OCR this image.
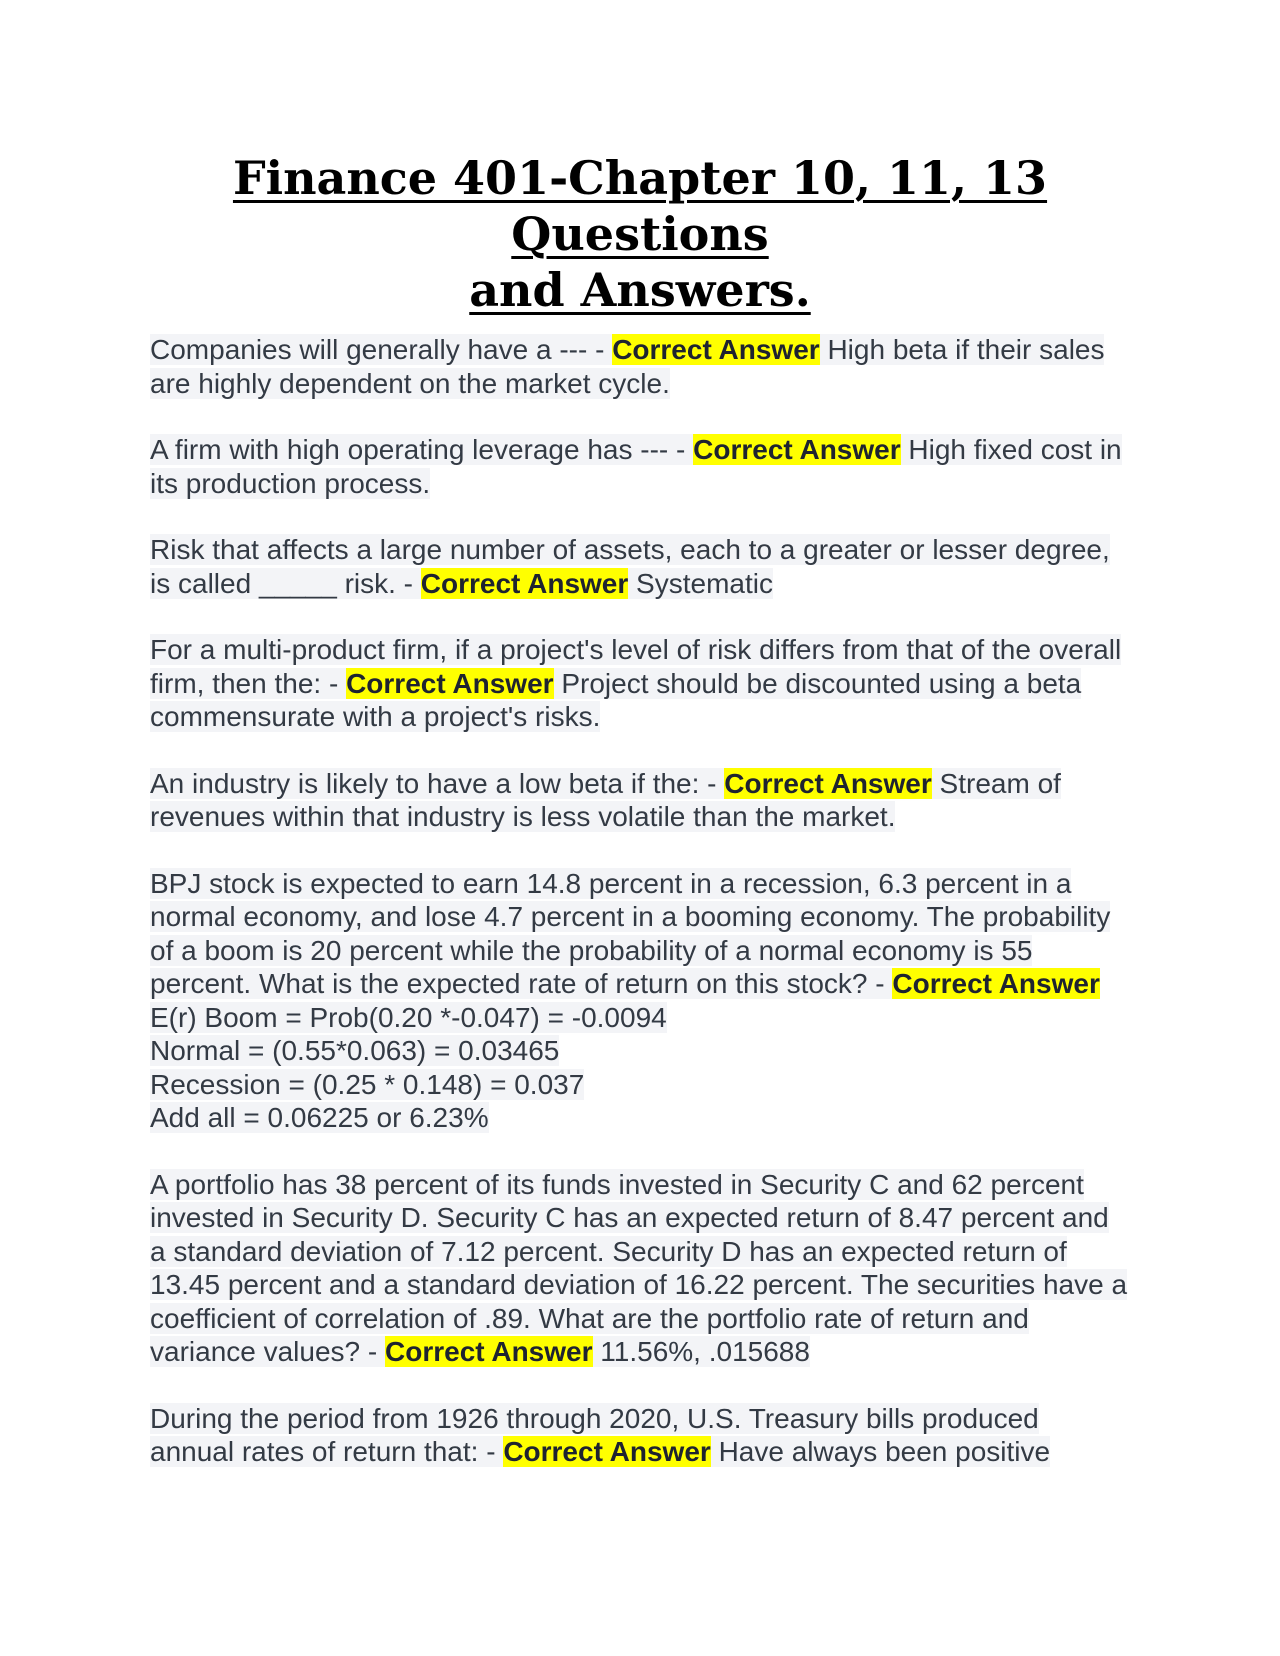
Finance 401-Chapter 10, 11, 13 Questions
and Answers.

Companies will generally have a --- - Correct Answer High beta if their sales are highly dependent on the market cycle.

A firm with high operating leverage has --- - Correct Answer High fixed cost in its production process.

Risk that affects a large number of assets, each to a greater or lesser degree, is called _____ risk. - Correct Answer Systematic

For a multi-product firm, if a project's level of risk differs from that of the overall firm, then the: - Correct Answer Project should be discounted using a beta commensurate with a project's risks.

An industry is likely to have a low beta if the: - Correct Answer Stream of revenues within that industry is less volatile than the market.

BPJ stock is expected to earn 14.8 percent in a recession, 6.3 percent in a normal economy, and lose 4.7 percent in a booming economy. The probability of a boom is 20 percent while the probability of a normal economy is 55 percent. What is the expected rate of return on this stock? - Correct Answer E(r) Boom = Prob(0.20 *-0.047) = -0.0094
Normal = (0.55*0.063) = 0.03465
Recession = (0.25 * 0.148) = 0.037
Add all = 0.06225 or 6.23%

A portfolio has 38 percent of its funds invested in Security C and 62 percent invested in Security D. Security C has an expected return of 8.47 percent and a standard deviation of 7.12 percent. Security D has an expected return of 13.45 percent and a standard deviation of 16.22 percent. The securities have a coefficient of correlation of .89. What are the portfolio rate of return and variance values? - Correct Answer 11.56%, .015688

During the period from 1926 through 2020, U.S. Treasury bills produced annual rates of return that: - Correct Answer Have always been positive
